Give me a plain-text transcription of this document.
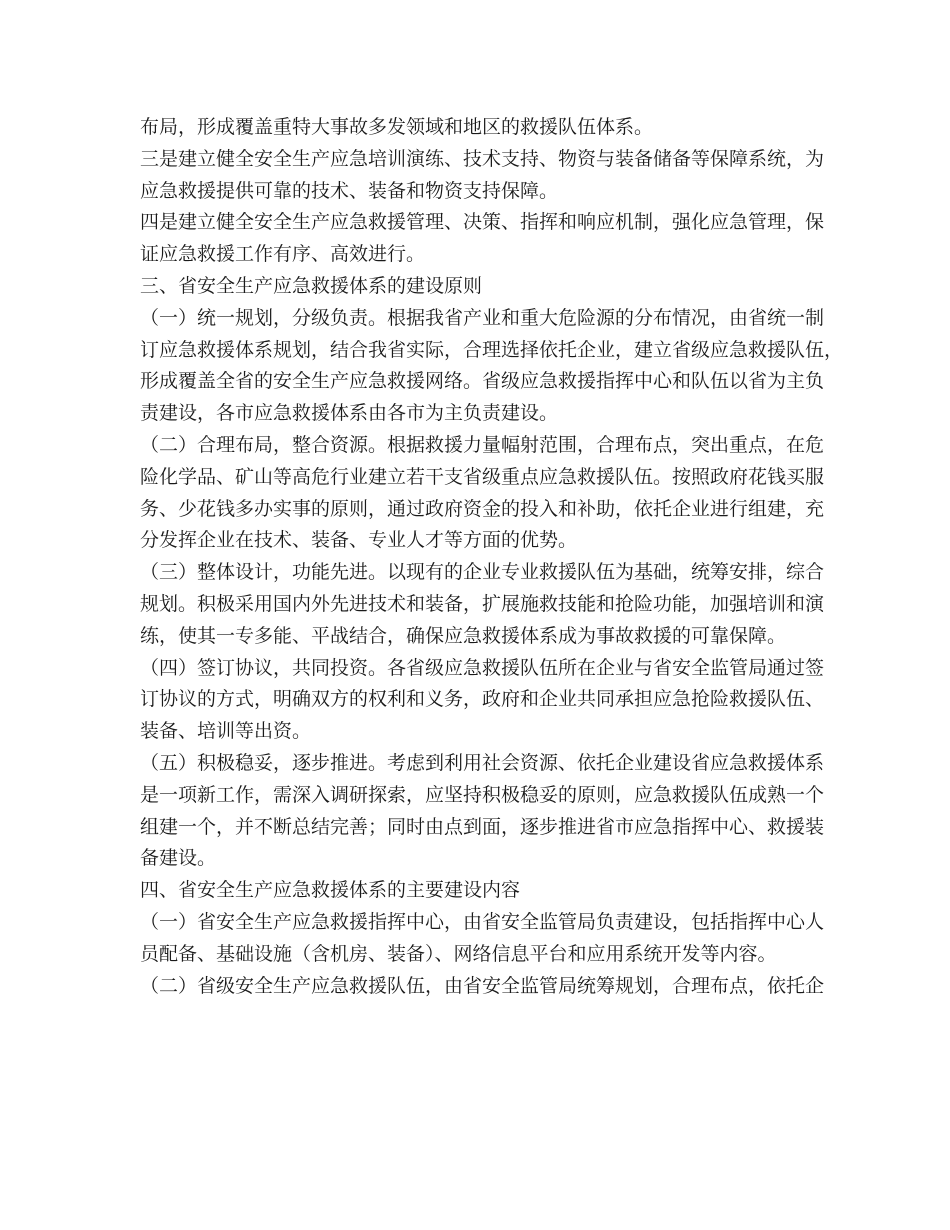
布局，形成覆盖重特大事故多发领域和地区的救援队伍体系。
三是建立健全安全生产应急培训演练、技术支持、物资与装备储备等保障系统，为
应急救援提供可靠的技术、装备和物资支持保障。
四是建立健全安全生产应急救援管理、决策、指挥和响应机制，强化应急管理，保
证应急救援工作有序、高效进行。
三、省安全生产应急救援体系的建设原则
（一）统一规划，分级负责。根据我省产业和重大危险源的分布情况，由省统一制
订应急救援体系规划，结合我省实际，合理选择依托企业，建立省级应急救援队伍，
形成覆盖全省的安全生产应急救援网络。省级应急救援指挥中心和队伍以省为主负
责建设，各市应急救援体系由各市为主负责建设。
（二）合理布局，整合资源。根据救援力量幅射范围，合理布点，突出重点，在危
险化学品、矿山等高危行业建立若干支省级重点应急救援队伍。按照政府花钱买服
务、少花钱多办实事的原则，通过政府资金的投入和补助，依托企业进行组建，充
分发挥企业在技术、装备、专业人才等方面的优势。
（三）整体设计，功能先进。以现有的企业专业救援队伍为基础，统筹安排，综合
规划。积极采用国内外先进技术和装备，扩展施救技能和抢险功能，加强培训和演
练，使其一专多能、平战结合，确保应急救援体系成为事故救援的可靠保障。
（四）签订协议，共同投资。各省级应急救援队伍所在企业与省安全监管局通过签
订协议的方式，明确双方的权利和义务，政府和企业共同承担应急抢险救援队伍、
装备、培训等出资。
（五）积极稳妥，逐步推进。考虑到利用社会资源、依托企业建设省应急救援体系
是一项新工作，需深入调研探索，应坚持积极稳妥的原则，应急救援队伍成熟一个
组建一个，并不断总结完善；同时由点到面，逐步推进省市应急指挥中心、救援装
备建设。
四、省安全生产应急救援体系的主要建设内容
（一）省安全生产应急救援指挥中心，由省安全监管局负责建设，包括指挥中心人
员配备、基础设施（含机房、装备）、网络信息平台和应用系统开发等内容。
（二）省级安全生产应急救援队伍，由省安全监管局统筹规划，合理布点，依托企
